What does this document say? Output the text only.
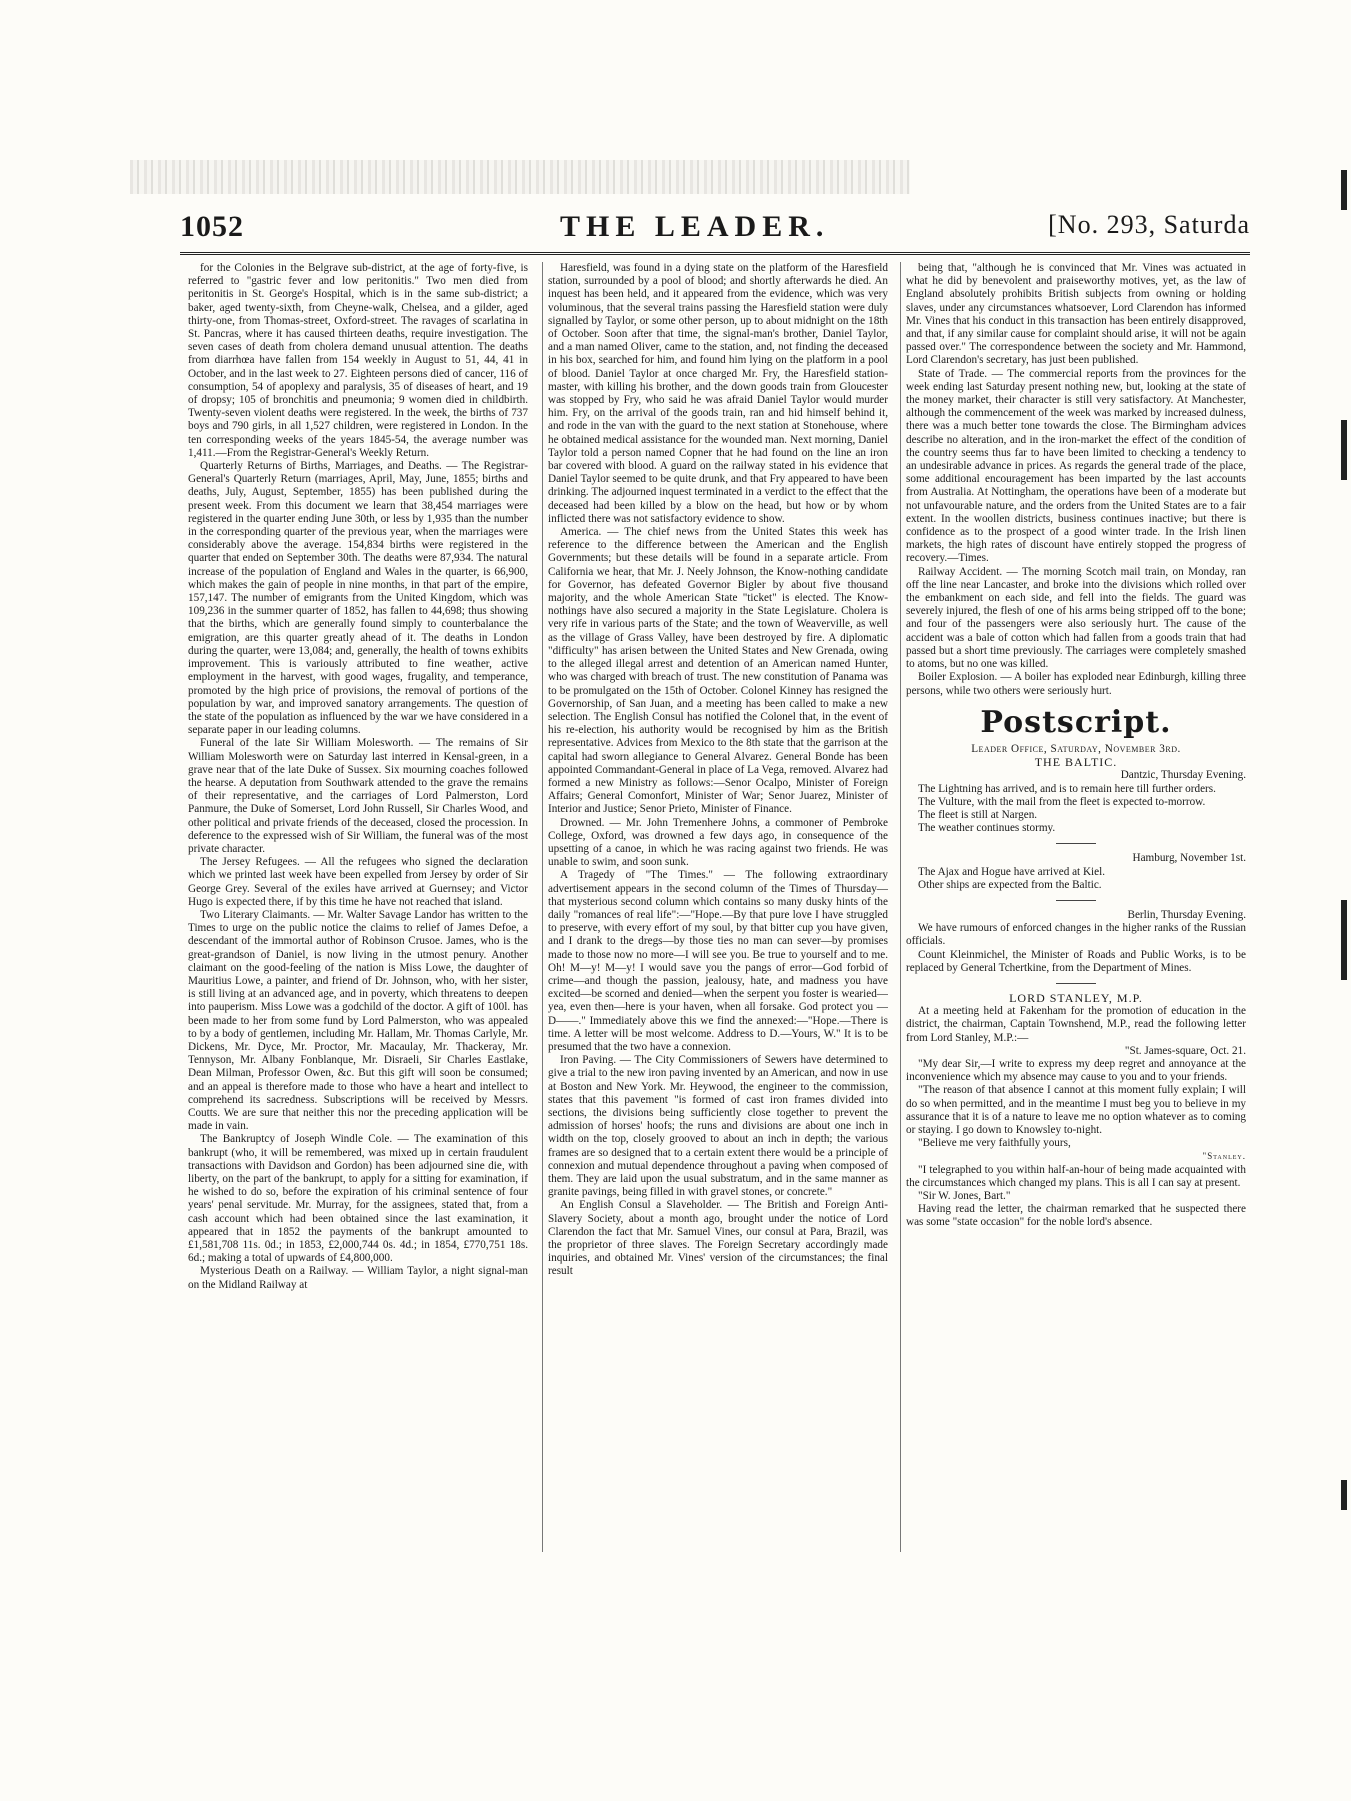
1052	THE LEADER.	[No. 293, Saturda

for the Colonies in the Belgrave sub-district, at the age of forty-five, is referred to "gastric fever and low peritonitis." Two men died from peritonitis in St. George's Hospital, which is in the same sub-district; a baker, aged twenty-sixth, from Cheyne-walk, Chelsea, and a gilder, aged thirty-one, from Thomas-street, Oxford-street. The ravages of scarlatina in St. Pancras, where it has caused thirteen deaths, require investigation. The seven cases of death from cholera demand unusual attention. The deaths from diarrhœa have fallen from 154 weekly in August to 51, 44, 41 in October, and in the last week to 27. Eighteen persons died of cancer, 116 of consumption, 54 of apoplexy and paralysis, 35 of diseases of heart, and 19 of dropsy; 105 of bronchitis and pneumonia; 9 women died in childbirth. Twenty-seven violent deaths were registered. In the week, the births of 737 boys and 790 girls, in all 1,527 children, were registered in London. In the ten corresponding weeks of the years 1845-54, the average number was 1,411.—From the Registrar-General's Weekly Return.

Quarterly Returns of Births, Marriages, and Deaths. — The Registrar-General's Quarterly Return (marriages, April, May, June, 1855; births and deaths, July, August, September, 1855) has been published during the present week. From this document we learn that 38,454 marriages were registered in the quarter ending June 30th, or less by 1,935 than the number in the corresponding quarter of the previous year, when the marriages were considerably above the average. 154,834 births were registered in the quarter that ended on September 30th. The deaths were 87,934. The natural increase of the population of England and Wales in the quarter, is 66,900, which makes the gain of people in nine months, in that part of the empire, 157,147. The number of emigrants from the United Kingdom, which was 109,236 in the summer quarter of 1852, has fallen to 44,698; thus showing that the births, which are generally found simply to counterbalance the emigration, are this quarter greatly ahead of it. The deaths in London during the quarter, were 13,084; and, generally, the health of towns exhibits improvement. This is variously attributed to fine weather, active employment in the harvest, with good wages, frugality, and temperance, promoted by the high price of provisions, the removal of portions of the population by war, and improved sanatory arrangements. The question of the state of the population as influenced by the war we have considered in a separate paper in our leading columns.

Funeral of the late Sir William Molesworth. — The remains of Sir William Molesworth were on Saturday last interred in Kensal-green, in a grave near that of the late Duke of Sussex. Six mourning coaches followed the hearse. A deputation from Southwark attended to the grave the remains of their representative, and the carriages of Lord Palmerston, Lord Panmure, the Duke of Somerset, Lord John Russell, Sir Charles Wood, and other political and private friends of the deceased, closed the procession. In deference to the expressed wish of Sir William, the funeral was of the most private character.

The Jersey Refugees. — All the refugees who signed the declaration which we printed last week have been expelled from Jersey by order of Sir George Grey. Several of the exiles have arrived at Guernsey; and Victor Hugo is expected there, if by this time he have not reached that island.

Two Literary Claimants. — Mr. Walter Savage Landor has written to the Times to urge on the public notice the claims to relief of James Defoe, a descendant of the immortal author of Robinson Crusoe. James, who is the great-grandson of Daniel, is now living in the utmost penury. Another claimant on the good-feeling of the nation is Miss Lowe, the daughter of Mauritius Lowe, a painter, and friend of Dr. Johnson, who, with her sister, is still living at an advanced age, and in poverty, which threatens to deepen into pauperism. Miss Lowe was a godchild of the doctor. A gift of 100l. has been made to her from some fund by Lord Palmerston, who was appealed to by a body of gentlemen, including Mr. Hallam, Mr. Thomas Carlyle, Mr. Dickens, Mr. Dyce, Mr. Proctor, Mr. Macaulay, Mr. Thackeray, Mr. Tennyson, Mr. Albany Fonblanque, Mr. Disraeli, Sir Charles Eastlake, Dean Milman, Professor Owen, &c. But this gift will soon be consumed; and an appeal is therefore made to those who have a heart and intellect to comprehend its sacredness. Subscriptions will be received by Messrs. Coutts. We are sure that neither this nor the preceding application will be made in vain.

The Bankruptcy of Joseph Windle Cole. — The examination of this bankrupt (who, it will be remembered, was mixed up in certain fraudulent transactions with Davidson and Gordon) has been adjourned sine die, with liberty, on the part of the bankrupt, to apply for a sitting for examination, if he wished to do so, before the expiration of his criminal sentence of four years' penal servitude. Mr. Murray, for the assignees, stated that, from a cash account which had been obtained since the last examination, it appeared that in 1852 the payments of the bankrupt amounted to £1,581,708 11s. 0d.; in 1853, £2,000,744 0s. 4d.; in 1854, £770,751 18s. 6d.; making a total of upwards of £4,800,000.

Mysterious Death on a Railway. — William Taylor, a night signal-man on the Midland Railway at

Haresfield, was found in a dying state on the platform of the Haresfield station, surrounded by a pool of blood; and shortly afterwards he died. An inquest has been held, and it appeared from the evidence, which was very voluminous, that the several trains passing the Haresfield station were duly signalled by Taylor, or some other person, up to about midnight on the 18th of October. Soon after that time, the signal-man's brother, Daniel Taylor, and a man named Oliver, came to the station, and, not finding the deceased in his box, searched for him, and found him lying on the platform in a pool of blood. Daniel Taylor at once charged Mr. Fry, the Haresfield station-master, with killing his brother, and the down goods train from Gloucester was stopped by Fry, who said he was afraid Daniel Taylor would murder him. Fry, on the arrival of the goods train, ran and hid himself behind it, and rode in the van with the guard to the next station at Stonehouse, where he obtained medical assistance for the wounded man. Next morning, Daniel Taylor told a person named Copner that he had found on the line an iron bar covered with blood. A guard on the railway stated in his evidence that Daniel Taylor seemed to be quite drunk, and that Fry appeared to have been drinking. The adjourned inquest terminated in a verdict to the effect that the deceased had been killed by a blow on the head, but how or by whom inflicted there was not satisfactory evidence to show.

America. — The chief news from the United States this week has reference to the difference between the American and the English Governments; but these details will be found in a separate article. From California we hear, that Mr. J. Neely Johnson, the Know-nothing candidate for Governor, has defeated Governor Bigler by about five thousand majority, and the whole American State "ticket" is elected. The Know-nothings have also secured a majority in the State Legislature. Cholera is very rife in various parts of the State; and the town of Weaverville, as well as the village of Grass Valley, have been destroyed by fire. A diplomatic "difficulty" has arisen between the United States and New Grenada, owing to the alleged illegal arrest and detention of an American named Hunter, who was charged with breach of trust. The new constitution of Panama was to be promulgated on the 15th of October. Colonel Kinney has resigned the Governorship, of San Juan, and a meeting has been called to make a new selection. The English Consul has notified the Colonel that, in the event of his re-election, his authority would be recognised by him as the British representative. Advices from Mexico to the 8th state that the garrison at the capital had sworn allegiance to General Alvarez. General Bonde has been appointed Commandant-General in place of La Vega, removed. Alvarez had formed a new Ministry as follows:—Senor Ocalpo, Minister of Foreign Affairs; General Comonfort, Minister of War; Senor Juarez, Minister of Interior and Justice; Senor Prieto, Minister of Finance.

Drowned. — Mr. John Tremenhere Johns, a commoner of Pembroke College, Oxford, was drowned a few days ago, in consequence of the upsetting of a canoe, in which he was racing against two friends. He was unable to swim, and soon sunk.

A Tragedy of "The Times." — The following extraordinary advertisement appears in the second column of the Times of Thursday—that mysterious second column which contains so many dusky hints of the daily "romances of real life":—"Hope.—By that pure love I have struggled to preserve, with every effort of my soul, by that bitter cup you have given, and I drank to the dregs—by those ties no man can sever—by promises made to those now no more—I will see you. Be true to yourself and to me. Oh! M—y! M—y! I would save you the pangs of error—God forbid of crime—and though the passion, jealousy, hate, and madness you have excited—be scorned and denied—when the serpent you foster is wearied—yea, even then—here is your haven, when all forsake. God protect you — D——." Immediately above this we find the annexed:—"Hope.—There is time. A letter will be most welcome. Address to D.—Yours, W." It is to be presumed that the two have a connexion.

Iron Paving. — The City Commissioners of Sewers have determined to give a trial to the new iron paving invented by an American, and now in use at Boston and New York. Mr. Heywood, the engineer to the commission, states that this pavement "is formed of cast iron frames divided into sections, the divisions being sufficiently close together to prevent the admission of horses' hoofs; the runs and divisions are about one inch in width on the top, closely grooved to about an inch in depth; the various frames are so designed that to a certain extent there would be a principle of connexion and mutual dependence throughout a paving when composed of them. They are laid upon the usual substratum, and in the same manner as granite pavings, being filled in with gravel stones, or concrete."

An English Consul a Slaveholder. — The British and Foreign Anti-Slavery Society, about a month ago, brought under the notice of Lord Clarendon the fact that Mr. Samuel Vines, our consul at Para, Brazil, was the proprietor of three slaves. The Foreign Secretary accordingly made inquiries, and obtained Mr. Vines' version of the circumstances; the final result

being that, "although he is convinced that Mr. Vines was actuated in what he did by benevolent and praiseworthy motives, yet, as the law of England absolutely prohibits British subjects from owning or holding slaves, under any circumstances whatsoever, Lord Clarendon has informed Mr. Vines that his conduct in this transaction has been entirely disapproved, and that, if any similar cause for complaint should arise, it will not be again passed over." The correspondence between the society and Mr. Hammond, Lord Clarendon's secretary, has just been published.

State of Trade. — The commercial reports from the provinces for the week ending last Saturday present nothing new, but, looking at the state of the money market, their character is still very satisfactory. At Manchester, although the commencement of the week was marked by increased dulness, there was a much better tone towards the close. The Birmingham advices describe no alteration, and in the iron-market the effect of the condition of the country seems thus far to have been limited to checking a tendency to an undesirable advance in prices. As regards the general trade of the place, some additional encouragement has been imparted by the last accounts from Australia. At Nottingham, the operations have been of a moderate but not unfavourable nature, and the orders from the United States are to a fair extent. In the woollen districts, business continues inactive; but there is confidence as to the prospect of a good winter trade. In the Irish linen markets, the high rates of discount have entirely stopped the progress of recovery.—Times.

Railway Accident. — The morning Scotch mail train, on Monday, ran off the line near Lancaster, and broke into the divisions which rolled over the embankment on each side, and fell into the fields. The guard was severely injured, the flesh of one of his arms being stripped off to the bone; and four of the passengers were also seriously hurt. The cause of the accident was a bale of cotton which had fallen from a goods train that had passed but a short time previously. The carriages were completely smashed to atoms, but no one was killed.

Boiler Explosion. — A boiler has exploded near Edinburgh, killing three persons, while two others were seriously hurt.

Postscript.

Leader Office, Saturday, November 3rd.

THE BALTIC.

Dantzic, Thursday Evening.

The Lightning has arrived, and is to remain here till further orders.

The Vulture, with the mail from the fleet is expected to-morrow.

The fleet is still at Nargen.

The weather continues stormy.

Hamburg, November 1st.

The Ajax and Hogue have arrived at Kiel.

Other ships are expected from the Baltic.

Berlin, Thursday Evening.

We have rumours of enforced changes in the higher ranks of the Russian officials.

Count Kleinmichel, the Minister of Roads and Public Works, is to be replaced by General Tchertkine, from the Department of Mines.

LORD STANLEY, M.P.

At a meeting held at Fakenham for the promotion of education in the district, the chairman, Captain Townshend, M.P., read the following letter from Lord Stanley, M.P.:—

"St. James-square, Oct. 21.

"My dear Sir,—I write to express my deep regret and annoyance at the inconvenience which my absence may cause to you and to your friends.

"The reason of that absence I cannot at this moment fully explain; I will do so when permitted, and in the meantime I must beg you to believe in my assurance that it is of a nature to leave me no option whatever as to coming or staying. I go down to Knowsley to-night.

"Believe me very faithfully yours,

"Stanley.

"I telegraphed to you within half-an-hour of being made acquainted with the circumstances which changed my plans. This is all I can say at present.

"Sir W. Jones, Bart."

Having read the letter, the chairman remarked that he suspected there was some "state occasion" for the noble lord's absence.
